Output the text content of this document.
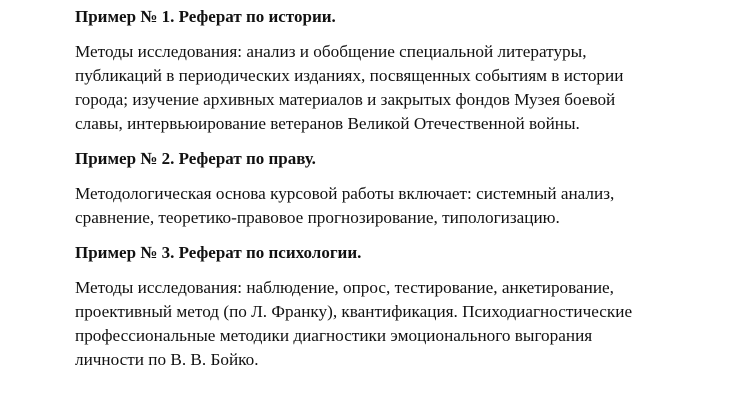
Пример № 1. Реферат по истории.

Методы исследования: анализ и обобщение специальной литературы,
публикаций в периодических изданиях, посвященных событиям в истории
города; изучение архивных материалов и закрытых фондов Музея боевой
славы, интервьюирование ветеранов Великой Отечественной войны.

Пример № 2. Реферат по праву.

Методологическая основа курсовой работы включает: системный анализ,
сравнение, теоретико-правовое прогнозирование, типологизацию.

Пример № 3. Реферат по психологии.

Методы исследования: наблюдение, опрос, тестирование, анкетирование,
проективный метод (по Л. Франку), квантификация. Психодиагностические
профессиональные методики диагностики эмоционального выгорания
личности по В. В. Бойко.
